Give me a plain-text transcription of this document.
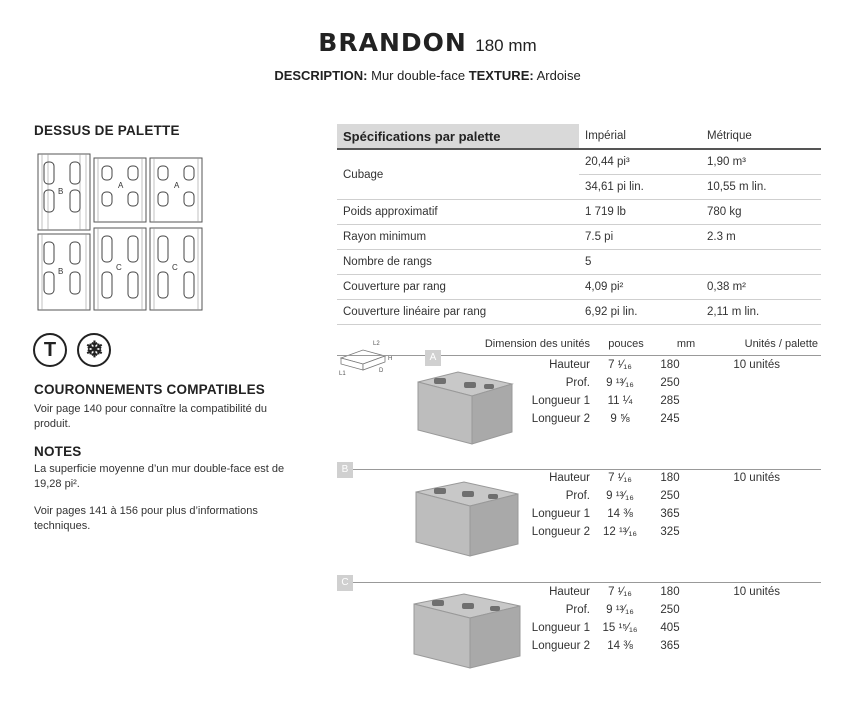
BRANDON 180 mm
DESCRIPTION: Mur double-face TEXTURE: Ardoise
DESSUS DE PALETTE
B
A	A
B	C	C
T ❄
COURONNEMENTS COMPATIBLES
Voir page 140 pour connaître la compatibilité du produit.
NOTES
La superficie moyenne d’un mur double-face est de 19,28 pi².
Voir pages 141 à 156 pour plus d’informations techniques.
Spécifications par palette	Impérial	Métrique
Cubage	20,44 pi³	1,90 m³
	34,61 pi lin.	10,55 m lin.
Poids approximatif	1 719 lb	780 kg
Rayon minimum	7.5 pi	2.3 m
Nombre de rangs	5	
Couverture par rang	4,09 pi²	0,38 m²
Couverture linéaire par rang	6,92 pi lin.	2,11 m lin.
L2
H
L1	D
Dimension des unités	pouces	mm	Unités / palette
A
Hauteur	7 ¹⁄₁₆	180	10 unités
Prof.	9 ¹³⁄₁₆	250
Longueur 1	11 ¼	285
Longueur 2	9 ⅝	245
B
Hauteur	7 ¹⁄₁₆	180	10 unités
Prof.	9 ¹³⁄₁₆	250
Longueur 1	14 ⅜	365
Longueur 2	12 ¹³⁄₁₆	325
C
Hauteur	7 ¹⁄₁₆	180	10 unités
Prof.	9 ¹³⁄₁₆	250
Longueur 1	15 ¹⁵⁄₁₆	405
Longueur 2	14 ⅜	365
